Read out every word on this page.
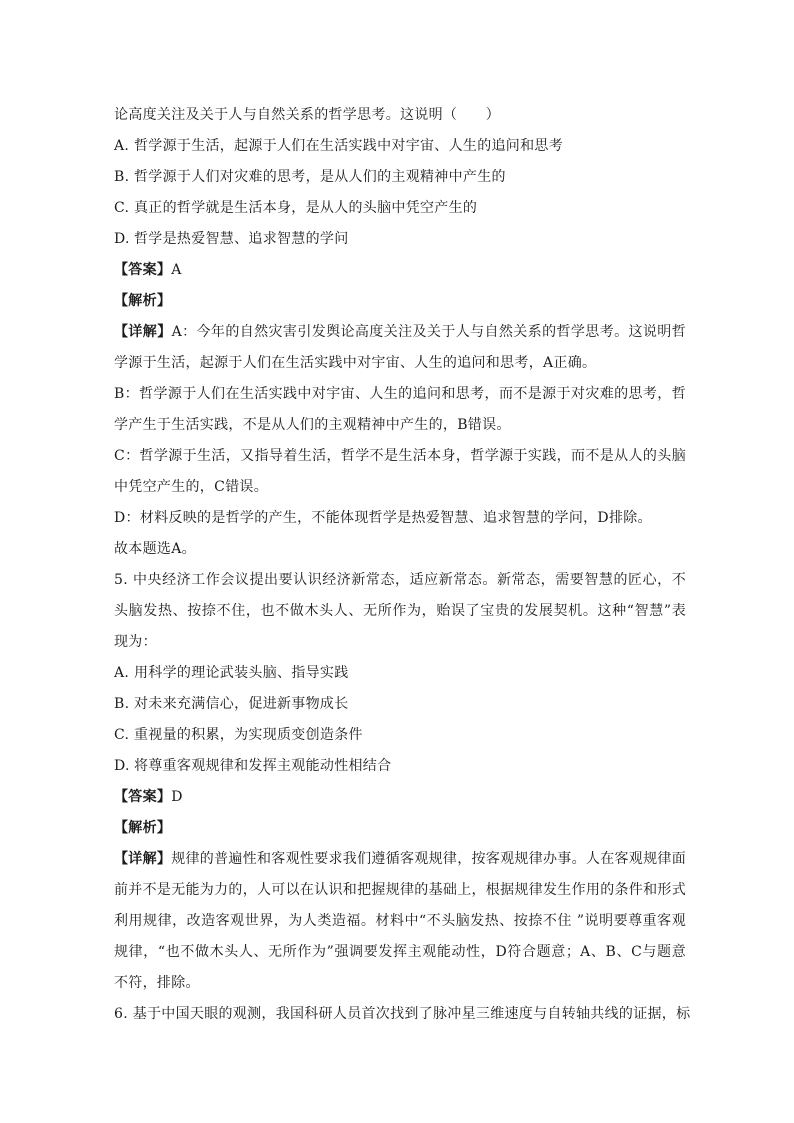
论高度关注及关于人与自然关系的哲学思考。这说明（　　）
A. 哲学源于生活，起源于人们在生活实践中对宇宙、人生的追问和思考
B. 哲学源于人们对灾难的思考，是从人们的主观精神中产生的
C. 真正的哲学就是生活本身，是从人的头脑中凭空产生的
D. 哲学是热爱智慧、追求智慧的学问
【答案】A
【解析】
【详解】A：今年的自然灾害引发舆论高度关注及关于人与自然关系的哲学思考。这说明哲学源于生活，起源于人们在生活实践中对宇宙、人生的追问和思考，A正确。
B：哲学源于人们在生活实践中对宇宙、人生的追问和思考，而不是源于对灾难的思考，哲学产生于生活实践，不是从人们的主观精神中产生的，B错误。
C：哲学源于生活，又指导着生活，哲学不是生活本身，哲学源于实践，而不是从人的头脑中凭空产生的，C错误。
D：材料反映的是哲学的产生，不能体现哲学是热爱智慧、追求智慧的学问，D排除。
故本题选A。
5. 中央经济工作会议提出要认识经济新常态，适应新常态。新常态，需要智慧的匠心，不头脑发热、按捺不住，也不做木头人、无所作为，贻误了宝贵的发展契机。这种“智慧”表现为：
A. 用科学的理论武装头脑、指导实践
B. 对未来充满信心，促进新事物成长
C. 重视量的积累，为实现质变创造条件
D. 将尊重客观规律和发挥主观能动性相结合
【答案】D
【解析】
【详解】规律的普遍性和客观性要求我们遵循客观规律，按客观规律办事。人在客观规律面前并不是无能为力的，人可以在认识和把握规律的基础上，根据规律发生作用的条件和形式利用规律，改造客观世界，为人类造福。材料中“不头脑发热、按捺不住 ”说明要尊重客观规律，“也不做木头人、无所作为”强调要发挥主观能动性，D符合题意；A、B、C与题意不符，排除。
6. 基于中国天眼的观测，我国科研人员首次找到了脉冲星三维速度与自转轴共线的证据，标
